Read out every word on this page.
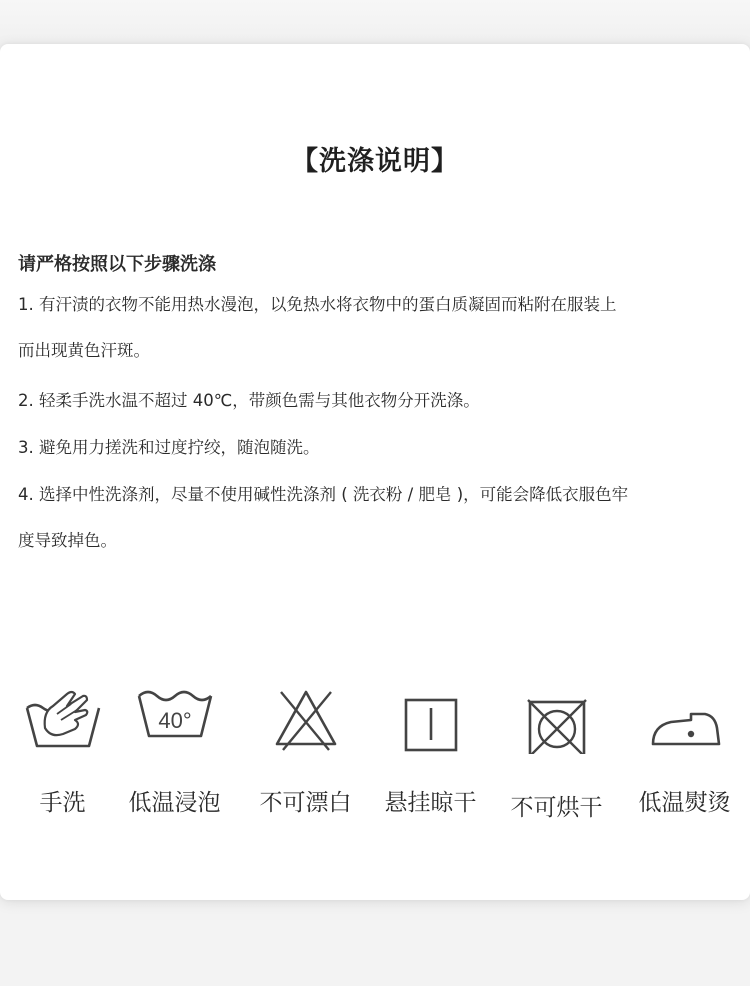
【洗涤说明】
请严格按照以下步骤洗涤
1. 有汗渍的衣物不能用热水漫泡，以免热水将衣物中的蛋白质凝固而粘附在服装上
而出现黄色汗斑。
2. 轻柔手洗水温不超过 40℃，带颜色需与其他衣物分开洗涤。
3. 避免用力搓洗和过度拧绞，随泡随洗。
4. 选择中性洗涤剂，尽量不使用碱性洗涤剂 ( 洗衣粉 / 肥皂 )，可能会降低衣服色牢
度导致掉色。
手洗
40°
低温浸泡	不可漂白	悬挂晾干	不可烘干	低温熨烫
